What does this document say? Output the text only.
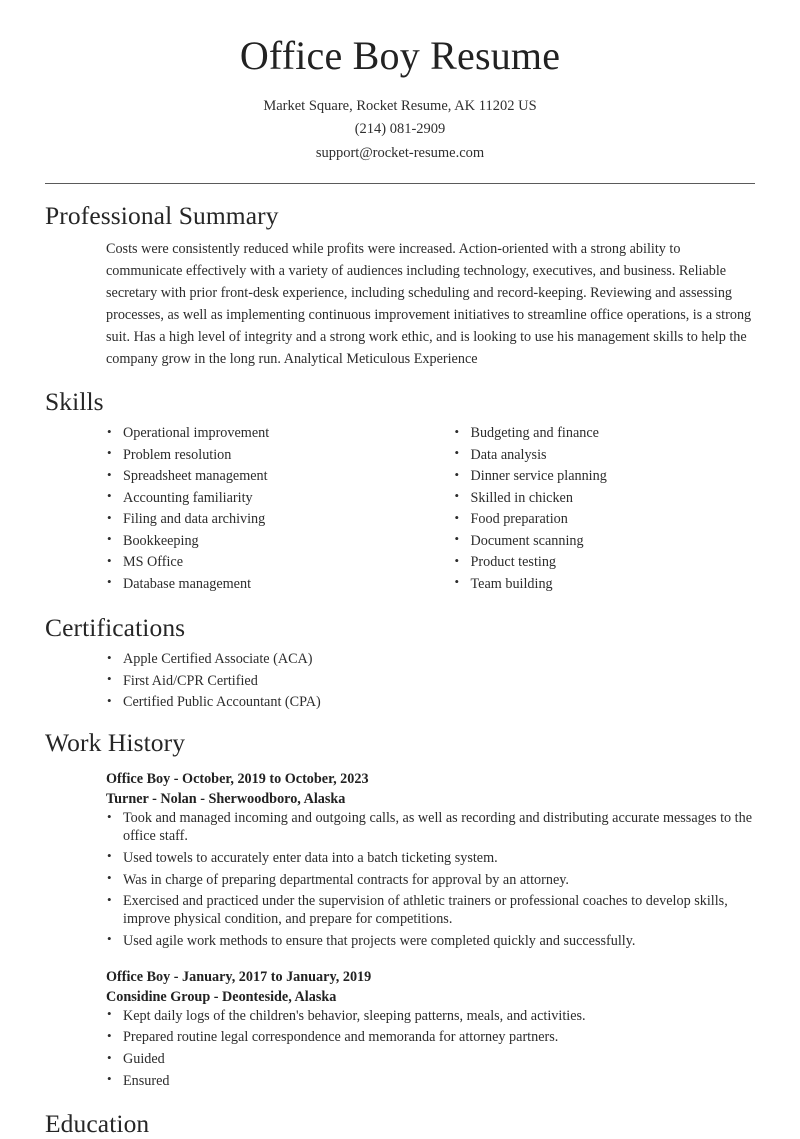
Office Boy Resume
Market Square, Rocket Resume, AK 11202 US
(214) 081-2909
support@rocket-resume.com
Professional Summary

Costs were consistently reduced while profits were increased. Action-oriented with a strong ability to communicate effectively with a variety of audiences including technology, executives, and business. Reliable secretary with prior front-desk experience, including scheduling and record-keeping. Reviewing and assessing processes, as well as implementing continuous improvement initiatives to streamline office operations, is a strong suit. Has a high level of integrity and a strong work ethic, and is looking to use his management skills to help the company grow in the long run. Analytical Meticulous Experience

Skills
• Operational improvement
• Problem resolution
• Spreadsheet management
• Accounting familiarity
• Filing and data archiving
• Bookkeeping
• MS Office
• Database management
• Budgeting and finance
• Data analysis
• Dinner service planning
• Skilled in chicken
• Food preparation
• Document scanning
• Product testing
• Team building
Certifications
• Apple Certified Associate (ACA)
• First Aid/CPR Certified
• Certified Public Accountant (CPA)
Work History
Office Boy - October, 2019 to October, 2023
Turner - Nolan - Sherwoodboro, Alaska
• Took and managed incoming and outgoing calls, as well as recording and distributing accurate messages to the office staff.
• Used towels to accurately enter data into a batch ticketing system.
• Was in charge of preparing departmental contracts for approval by an attorney.
• Exercised and practiced under the supervision of athletic trainers or professional coaches to develop skills, improve physical condition, and prepare for competitions.
• Used agile work methods to ensure that projects were completed quickly and successfully.
Office Boy - January, 2017 to January, 2019
Considine Group - Deonteside, Alaska
• Kept daily logs of the children's behavior, sleeping patterns, meals, and activities.
• Prepared routine legal correspondence and memoranda for attorney partners.
• Guided
• Ensured
Education
